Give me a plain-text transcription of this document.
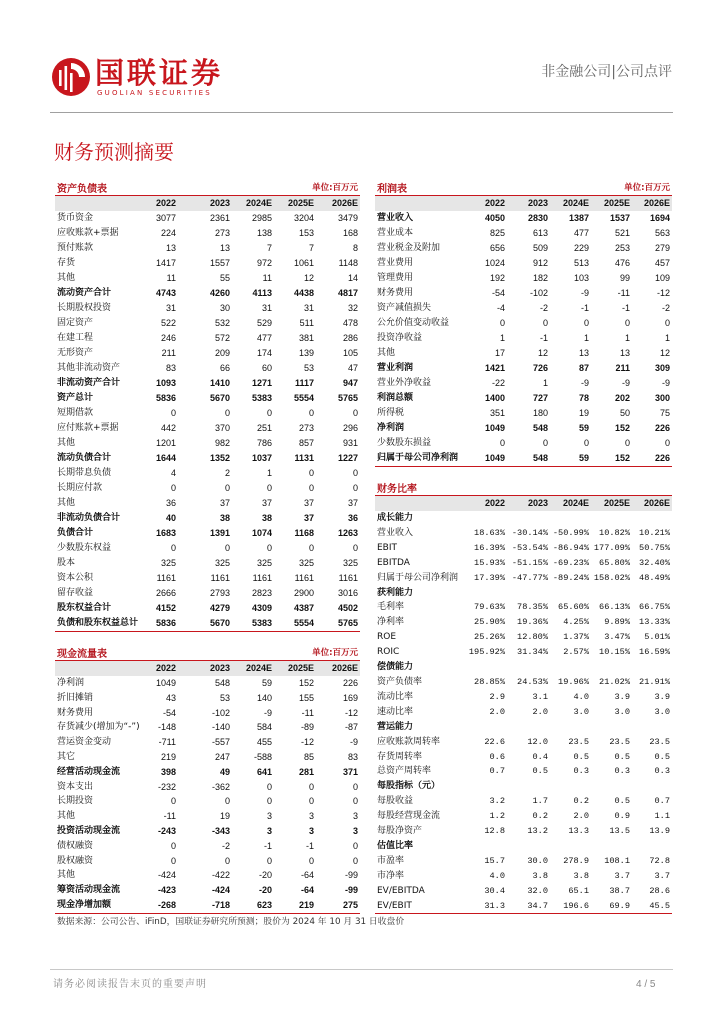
国联证券
GUOLIAN SECURITIES
非金融公司|公司点评
财务预测摘要
资产负债表	单位:百万元
	2022	2023	2024E	2025E	2026E
货币资金	3077	2361	2985	3204	3479
应收账款+票据	224	273	138	153	168
预付账款	13	13	7	7	8
存货	1417	1557	972	1061	1148
其他	11	55	11	12	14
流动资产合计	4743	4260	4113	4438	4817
长期股权投资	31	30	31	31	32
固定资产	522	532	529	511	478
在建工程	246	572	477	381	286
无形资产	211	209	174	139	105
其他非流动资产	83	66	60	53	47
非流动资产合计	1093	1410	1271	1117	947
资产总计	5836	5670	5383	5554	5765
短期借款	0	0	0	0	0
应付账款+票据	442	370	251	273	296
其他	1201	982	786	857	931
流动负债合计	1644	1352	1037	1131	1227
长期带息负债	4	2	1	0	0
长期应付款	0	0	0	0	0
其他	36	37	37	37	37
非流动负债合计	40	38	38	37	36
负债合计	1683	1391	1074	1168	1263
少数股东权益	0	0	0	0	0
股本	325	325	325	325	325
资本公积	1161	1161	1161	1161	1161
留存收益	2666	2793	2823	2900	3016
股东权益合计	4152	4279	4309	4387	4502
负债和股东权益总计	5836	5670	5383	5554	5765
现金流量表	单位:百万元
	2022	2023	2024E	2025E	2026E
净利润	1049	548	59	152	226
折旧摊销	43	53	140	155	169
财务费用	-54	-102	-9	-11	-12
存货减少(增加为“-”)	-148	-140	584	-89	-87
营运资金变动	-711	-557	455	-12	-9
其它	219	247	-588	85	83
经营活动现金流	398	49	641	281	371
资本支出	-232	-362	0	0	0
长期投资	0	0	0	0	0
其他	-11	19	3	3	3
投资活动现金流	-243	-343	3	3	3
债权融资	0	-2	-1	-1	0
股权融资	0	0	0	0	0
其他	-424	-422	-20	-64	-99
筹资活动现金流	-423	-424	-20	-64	-99
现金净增加额	-268	-718	623	219	275
利润表	单位:百万元
	2022	2023	2024E	2025E	2026E
营业收入	4050	2830	1387	1537	1694
营业成本	825	613	477	521	563
营业税金及附加	656	509	229	253	279
营业费用	1024	912	513	476	457
管理费用	192	182	103	99	109
财务费用	-54	-102	-9	-11	-12
资产减值损失	-4	-2	-1	-1	-2
公允价值变动收益	0	0	0	0	0
投资净收益	1	-1	1	1	1
其他	17	12	13	13	12
营业利润	1421	726	87	211	309
营业外净收益	-22	1	-9	-9	-9
利润总额	1400	727	78	202	300
所得税	351	180	19	50	75
净利润	1049	548	59	152	226
少数股东损益	0	0	0	0	0
归属于母公司净利润	1049	548	59	152	226
财务比率
	2022	2023	2024E	2025E	2026E
成长能力					
营业收入	18.63%	-30.14%	-50.99%	10.82%	10.21%
EBIT	16.39%	-53.54%	-86.94%	177.09%	50.75%
EBITDA	15.93%	-51.15%	-69.23%	65.80%	32.40%
归属于母公司净利润	17.39%	-47.77%	-89.24%	158.02%	48.49%
获利能力					
毛利率	79.63%	78.35%	65.60%	66.13%	66.75%
净利率	25.90%	19.36%	4.25%	9.89%	13.33%
ROE	25.26%	12.80%	1.37%	3.47%	5.01%
ROIC	195.92%	31.34%	2.57%	10.15%	16.59%
偿债能力					
资产负债率	28.85%	24.53%	19.96%	21.02%	21.91%
流动比率	2.9	3.1	4.0	3.9	3.9
速动比率	2.0	2.0	3.0	3.0	3.0
营运能力					
应收账款周转率	22.6	12.0	23.5	23.5	23.5
存货周转率	0.6	0.4	0.5	0.5	0.5
总资产周转率	0.7	0.5	0.3	0.3	0.3
每股指标（元）					
每股收益	3.2	1.7	0.2	0.5	0.7
每股经营现金流	1.2	0.2	2.0	0.9	1.1
每股净资产	12.8	13.2	13.3	13.5	13.9
估值比率					
市盈率	15.7	30.0	278.9	108.1	72.8
市净率	4.0	3.8	3.8	3.7	3.7
EV/EBITDA	30.4	32.0	65.1	38.7	28.6
EV/EBIT	31.3	34.7	196.6	69.9	45.5
数据来源：公司公告、iFinD，国联证券研究所预测；股价为 2024 年 10 月 31 日收盘价
请务必阅读报告末页的重要声明	4 / 5
